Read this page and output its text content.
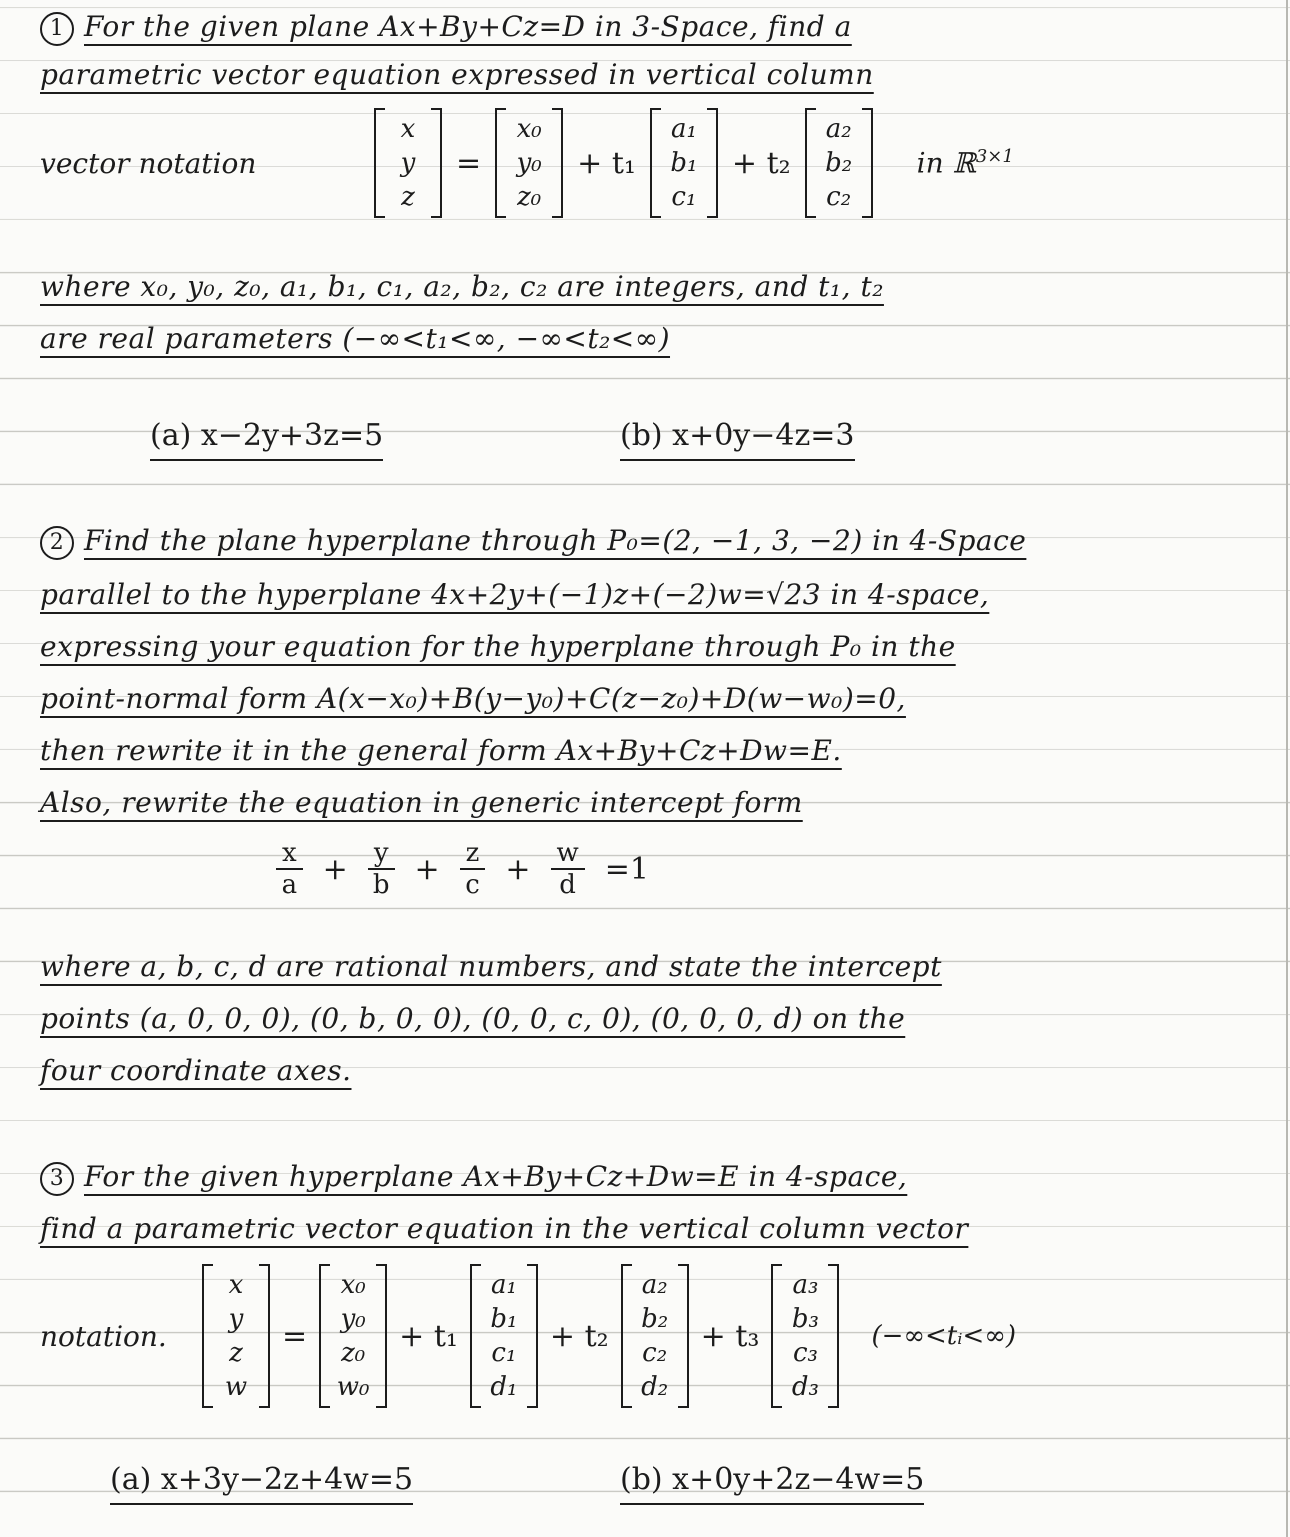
1 For the given plane Ax+By+Cz=D in 3-Space, find a
parametric vector equation expressed in vertical column
vector notation
x
y
z
=
x₀
y₀
z₀
+ t₁
a₁
b₁
c₁
+ t₂
a₂
b₂
c₂
in ℝ$^{3\times 1}$
where x₀, y₀, z₀, a₁, b₁, c₁, a₂, b₂, c₂ are integers, and t₁, t₂
are real parameters (−∞<t₁<∞, −∞<t₂<∞)
(a) x−2y+3z=5	(b) x+0y−4z=3
2 Find the plane hyperplane through P₀=(2, −1, 3, −2) in 4-Space
parallel to the hyperplane 4x+2y+(−1)z+(−2)w=√23 in 4-space,
expressing your equation for the hyperplane through P₀ in the
point-normal form A(x−x₀)+B(y−y₀)+C(z−z₀)+D(w−w₀)=0,
then rewrite it in the general form Ax+By+Cz+Dw=E.
Also, rewrite the equation in generic intercept form
$\frac{x}{a} + \frac{y}{b} + \frac{z}{c} + \frac{w}{d} =1$
where a, b, c, d are rational numbers, and state the intercept
points (a, 0, 0, 0), (0, b, 0, 0), (0, 0, c, 0), (0, 0, 0, d) on the
four coordinate axes.
3 For the given hyperplane Ax+By+Cz+Dw=E in 4-space,
find a parametric vector equation in the vertical column vector
notation.
x
y
z
w
=
x₀
y₀
z₀
w₀
+ t₁
a₁
b₁
c₁
d₁
+ t₂
a₂
b₂
c₂
d₂
+ t₃
a₃
b₃
c₃
d₃
(−∞<tᵢ<∞)
(a) x+3y−2z+4w=5	(b) x+0y+2z−4w=5
